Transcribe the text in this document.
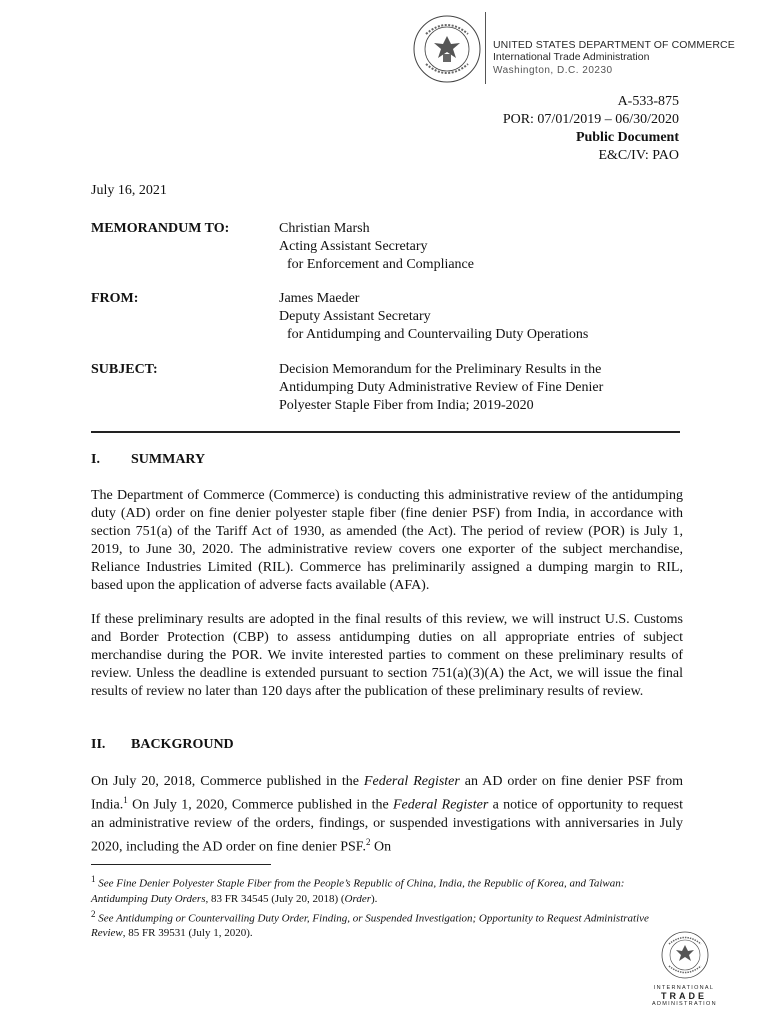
UNITED STATES DEPARTMENT OF COMMERCE
International Trade Administration
Washington, D.C. 20230
A-533-875
POR: 07/01/2019 – 06/30/2020
Public Document
E&C/IV: PAO
July 16, 2021
MEMORANDUM TO:	Christian Marsh
Acting Assistant Secretary
for Enforcement and Compliance
FROM:	James Maeder
Deputy Assistant Secretary
for Antidumping and Countervailing Duty Operations
SUBJECT:	Decision Memorandum for the Preliminary Results in the
Antidumping Duty Administrative Review of Fine Denier
Polyester Staple Fiber from India; 2019-2020
I. SUMMARY
The Department of Commerce (Commerce) is conducting this administrative review of the antidumping duty (AD) order on fine denier polyester staple fiber (fine denier PSF) from India, in accordance with section 751(a) of the Tariff Act of 1930, as amended (the Act). The period of review (POR) is July 1, 2019, to June 30, 2020. The administrative review covers one exporter of the subject merchandise, Reliance Industries Limited (RIL). Commerce has preliminarily assigned a dumping margin to RIL, based upon the application of adverse facts available (AFA).
If these preliminary results are adopted in the final results of this review, we will instruct U.S. Customs and Border Protection (CBP) to assess antidumping duties on all appropriate entries of subject merchandise during the POR. We invite interested parties to comment on these preliminary results of review. Unless the deadline is extended pursuant to section 751(a)(3)(A) the Act, we will issue the final results of review no later than 120 days after the publication of these preliminary results of review.
II. BACKGROUND
On July 20, 2018, Commerce published in the Federal Register an AD order on fine denier PSF from India.$^1$ On July 1, 2020, Commerce published in the Federal Register a notice of opportunity to request an administrative review of the orders, findings, or suspended investigations with anniversaries in July 2020, including the AD order on fine denier PSF.$^2$ On
$^1$ See Fine Denier Polyester Staple Fiber from the People’s Republic of China, India, the Republic of Korea, and Taiwan: Antidumping Duty Orders, 83 FR 34545 (July 20, 2018) (Order).
$^2$ See Antidumping or Countervailing Duty Order, Finding, or Suspended Investigation; Opportunity to Request Administrative Review, 85 FR 39531 (July 1, 2020).
INTERNATIONAL
TRADE
ADMINISTRATION
